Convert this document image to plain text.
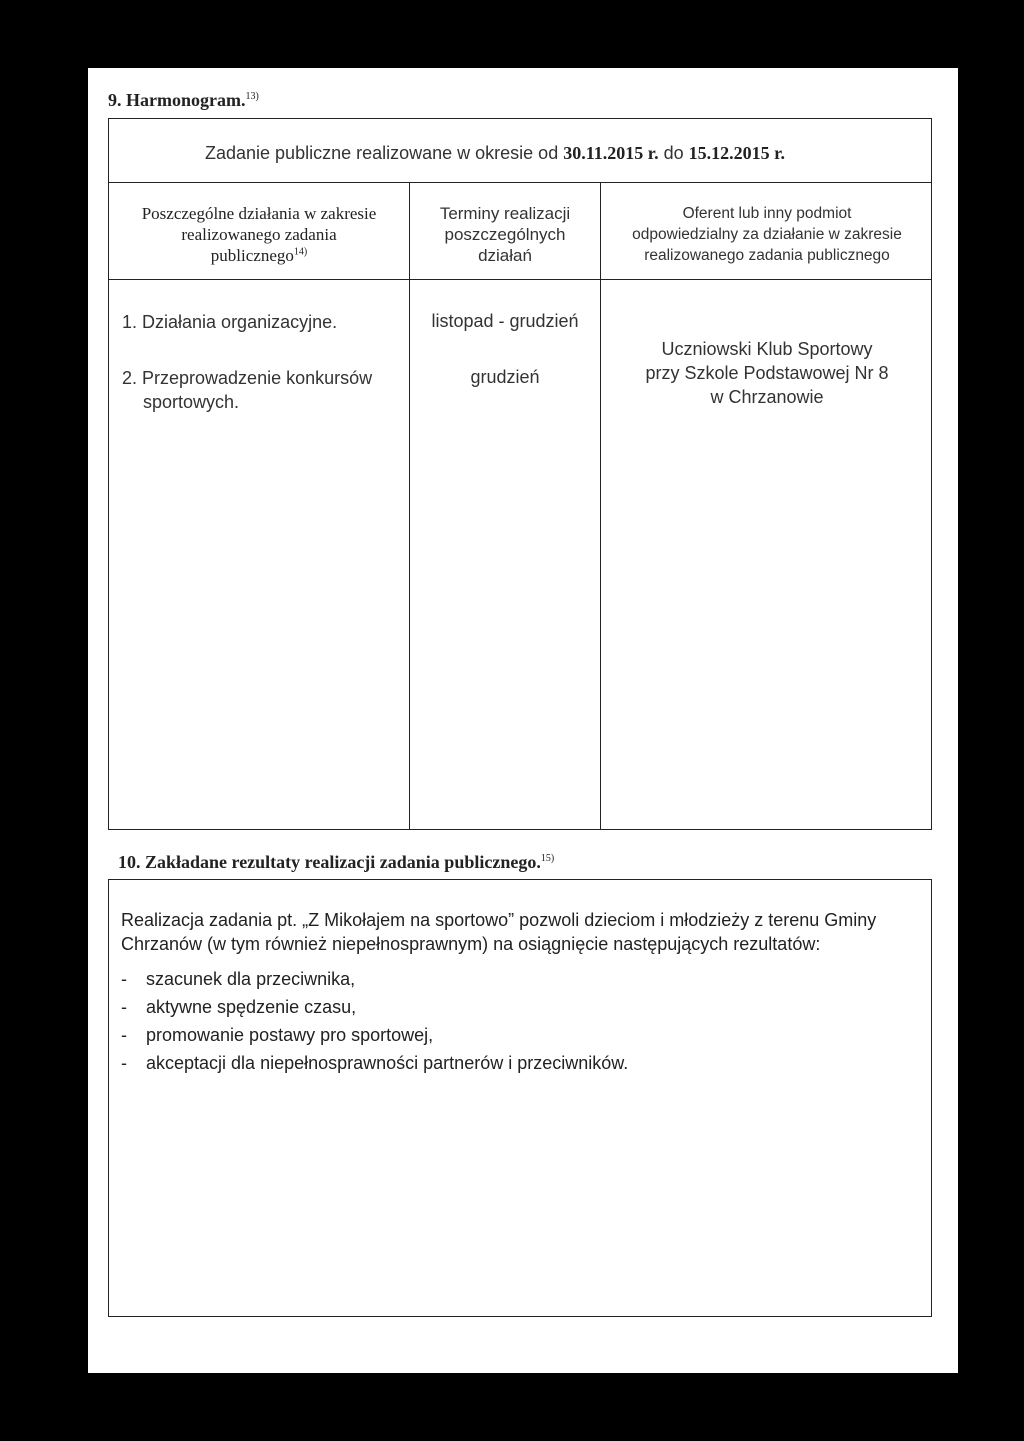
9. Harmonogram.$^{13)}$
Zadanie publiczne realizowane w okresie od 30.11.2015 r. do 15.12.2015 r.
Poszczególne działania w zakresie
realizowanego zadania
publicznego$^{14)}$
Terminy realizacji
poszczególnych
działań
Oferent lub inny podmiot
odpowiedzialny za działanie w zakresie
realizowanego zadania publicznego
1. Działania organizacyjne.
2. Przeprowadzenie konkursów sportowych.
listopad - grudzień
grudzień
Uczniowski Klub Sportowy
przy Szkole Podstawowej Nr 8
w Chrzanowie
10. Zakładane rezultaty realizacji zadania publicznego.$^{15)}$
Realizacja zadania pt. „Z Mikołajem na sportowo” pozwoli dzieciom i młodzieży z terenu Gminy Chrzanów (w tym również niepełnosprawnym) na osiągnięcie następujących rezultatów:
- szacunek dla przeciwnika,
- aktywne spędzenie czasu,
- promowanie postawy pro sportowej,
- akceptacji dla niepełnosprawności partnerów i przeciwników.
